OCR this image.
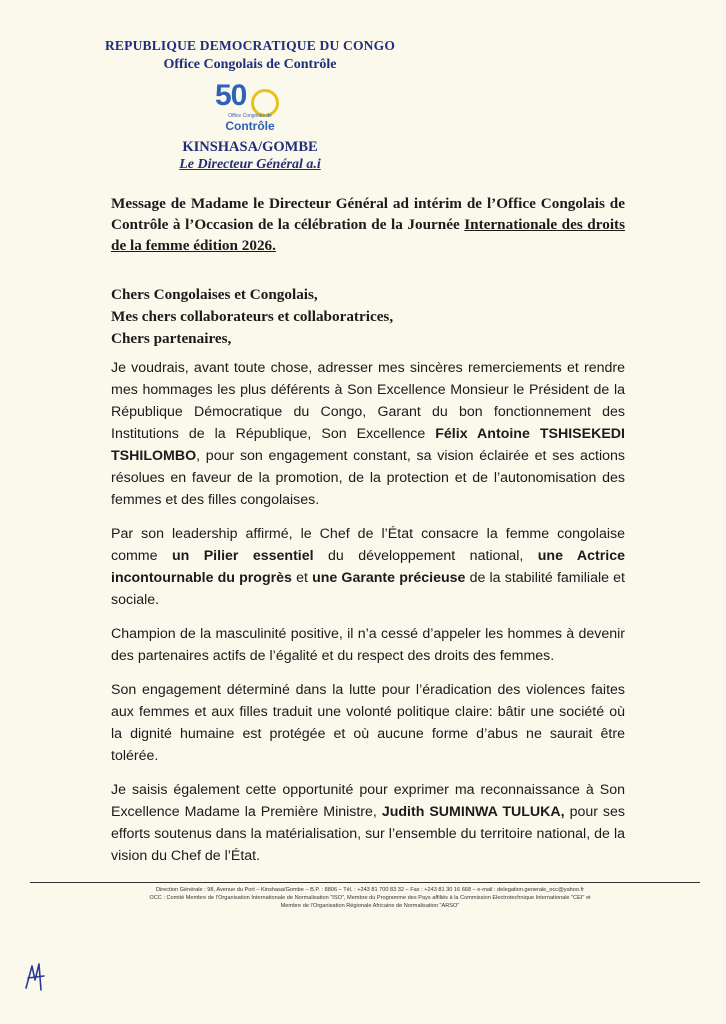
REPUBLIQUE DEMOCRATIQUE DU CONGO
Office Congolais de Contrôle
50
Office Congolais de
Contrôle
KINSHASA/GOMBE
Le Directeur Général a.i
Message de Madame le Directeur Général ad intérim de l’Office Congolais de Contrôle à l’Occasion de la célébration de la Journée Internationale des droits de la femme édition 2026.
Chers Congolaises et Congolais,
Mes chers collaborateurs et collaboratrices,
Chers partenaires,

Je voudrais, avant toute chose, adresser mes sincères remerciements et rendre mes hommages les plus déférents à Son Excellence Monsieur le Président de la République Démocratique du Congo, Garant du bon fonctionnement des Institutions de la République, Son Excellence Félix Antoine TSHISEKEDI TSHILOMBO, pour son engagement constant, sa vision éclairée et ses actions résolues en faveur de la promotion, de la protection et de l’autonomisation des femmes et des filles congolaises.

Par son leadership affirmé, le Chef de l’État consacre la femme congolaise comme un Pilier essentiel du développement national, une Actrice incontournable du progrès et une Garante précieuse de la stabilité familiale et sociale.

Champion de la masculinité positive, il n’a cessé d’appeler les hommes à devenir des partenaires actifs de l’égalité et du respect des droits des femmes.

Son engagement déterminé dans la lutte pour l’éradication des violences faites aux femmes et aux filles traduit une volonté politique claire: bâtir une société où la dignité humaine est protégée et où aucune forme d’abus ne saurait être tolérée.

Je saisis également cette opportunité pour exprimer ma reconnaissance à Son Excellence Madame la Première Ministre, Judith SUMINWA TULUKA, pour ses efforts soutenus dans la matérialisation, sur l’ensemble du territoire national, de la vision du Chef de l’État.

Direction Générale : 98, Avenue du Port – Kinshasa/Gombe – B.P. : 8806 – Tél. : +243 81 700 83 32 – Fax : +243 81 30 16 668 – e-mail : delegation.generale_occ@yahoo.fr
OCC : Comité Membre de l’Organisation Internationale de Normalisation "ISO", Membre du Programme des Pays affiliés à la Commission Electrotechnique Internationale "CEI" et
Membre de l’Organisation Régionale Africaine de Normalisation "ARSO"
